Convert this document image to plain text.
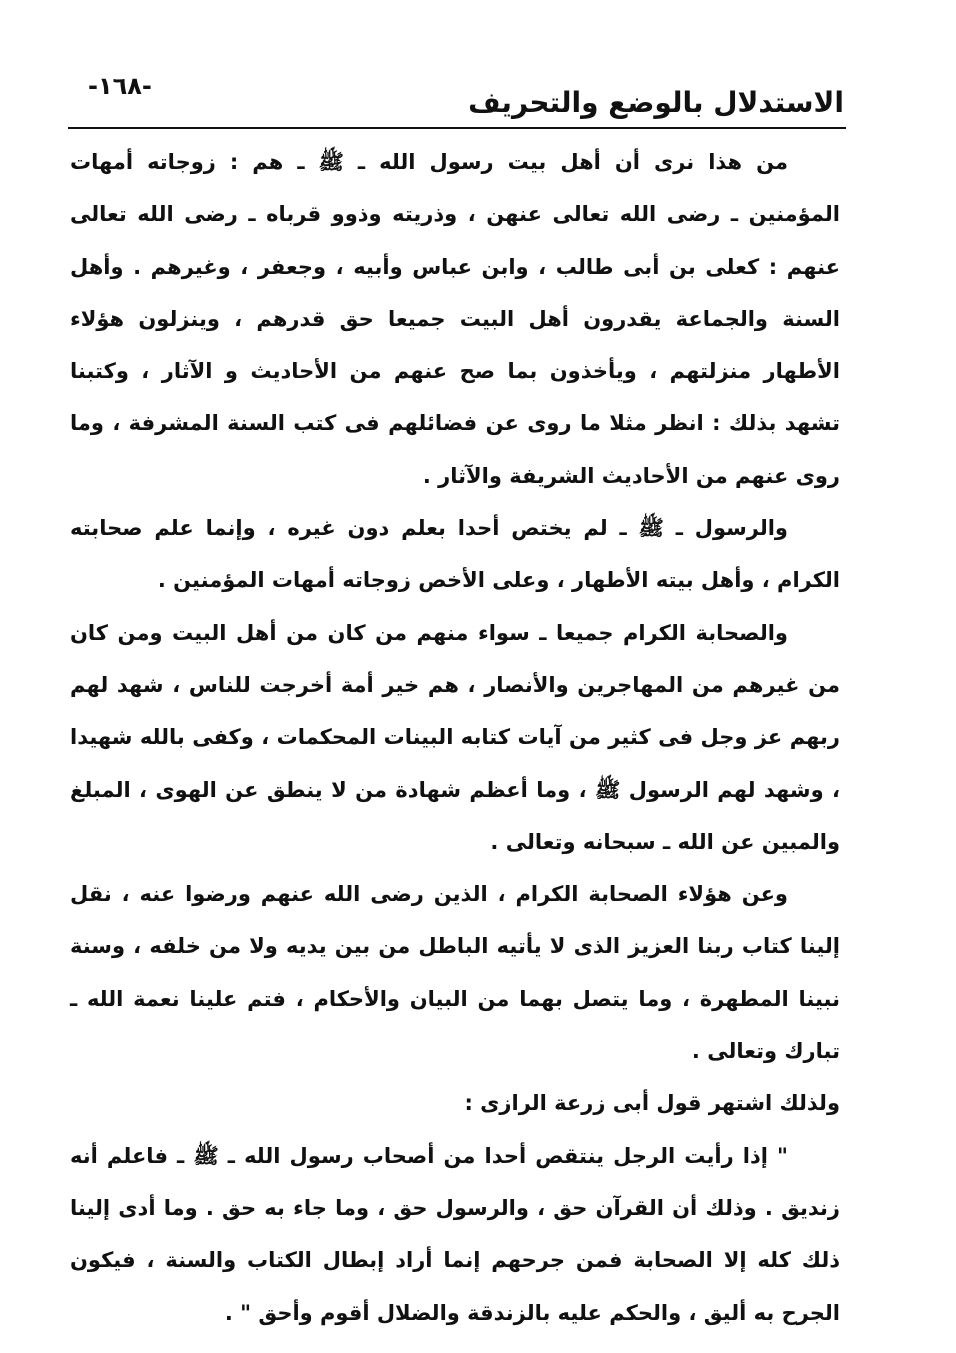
-١٦٨-	الاستدلال بالوضع والتحريف

من هذا نرى أن أهل بيت رسول الله ـ ﷺ ـ هم : زوجاته أمهات المؤمنين ـ رضى الله تعالى عنهن ، وذريته وذوو قرباه ـ رضى الله تعالى عنهم : كعلى بن أبى طالب ، وابن عباس وأبيه ، وجعفر ، وغيرهم . وأهل السنة والجماعة يقدرون أهل البيت جميعا حق قدرهم ، وينزلون هؤلاء الأطهار منزلتهم ، ويأخذون بما صح عنهم من الأحاديث و الآثار ، وكتبنا تشهد بذلك : انظر مثلا ما روى عن فضائلهم فى كتب السنة المشرفة ، وما روى عنهم من الأحاديث الشريفة والآثار .

والرسول ـ ﷺ ـ لم يختص أحدا بعلم دون غيره ، وإنما علم صحابته الكرام ، وأهل بيته الأطهار ، وعلى الأخص زوجاته أمهات المؤمنين .

والصحابة الكرام جميعا ـ سواء منهم من كان من أهل البيت ومن كان من غيرهم من المهاجرين والأنصار ، هم خير أمة أخرجت للناس ، شهد لهم ربهم عز وجل فى كثير من آيات كتابه البينات المحكمات ، وكفى بالله شهيدا ، وشهد لهم الرسول ﷺ ، وما أعظم شهادة من لا ينطق عن الهوى ، المبلغ والمبين عن الله ـ سبحانه وتعالى .

وعن هؤلاء الصحابة الكرام ، الذين رضى الله عنهم ورضوا عنه ، نقل إلينا كتاب ربنا العزيز الذى لا يأتيه الباطل من بين يديه ولا من خلفه ، وسنة نبينا المطهرة ، وما يتصل بهما من البيان والأحكام ، فتم علينا نعمة الله ـ تبارك وتعالى .

ولذلك اشتهر قول أبى زرعة الرازى :

" إذا رأيت الرجل ينتقص أحدا من أصحاب رسول الله ـ ﷺ ـ فاعلم أنه زنديق . وذلك أن القرآن حق ، والرسول حق ، وما جاء به حق . وما أدى إلينا ذلك كله إلا الصحابة فمن جرحهم إنما أراد إبطال الكتاب والسنة ، فيكون الجرح به أليق ، والحكم عليه بالزندقة والضلال أقوم وأحق " .
